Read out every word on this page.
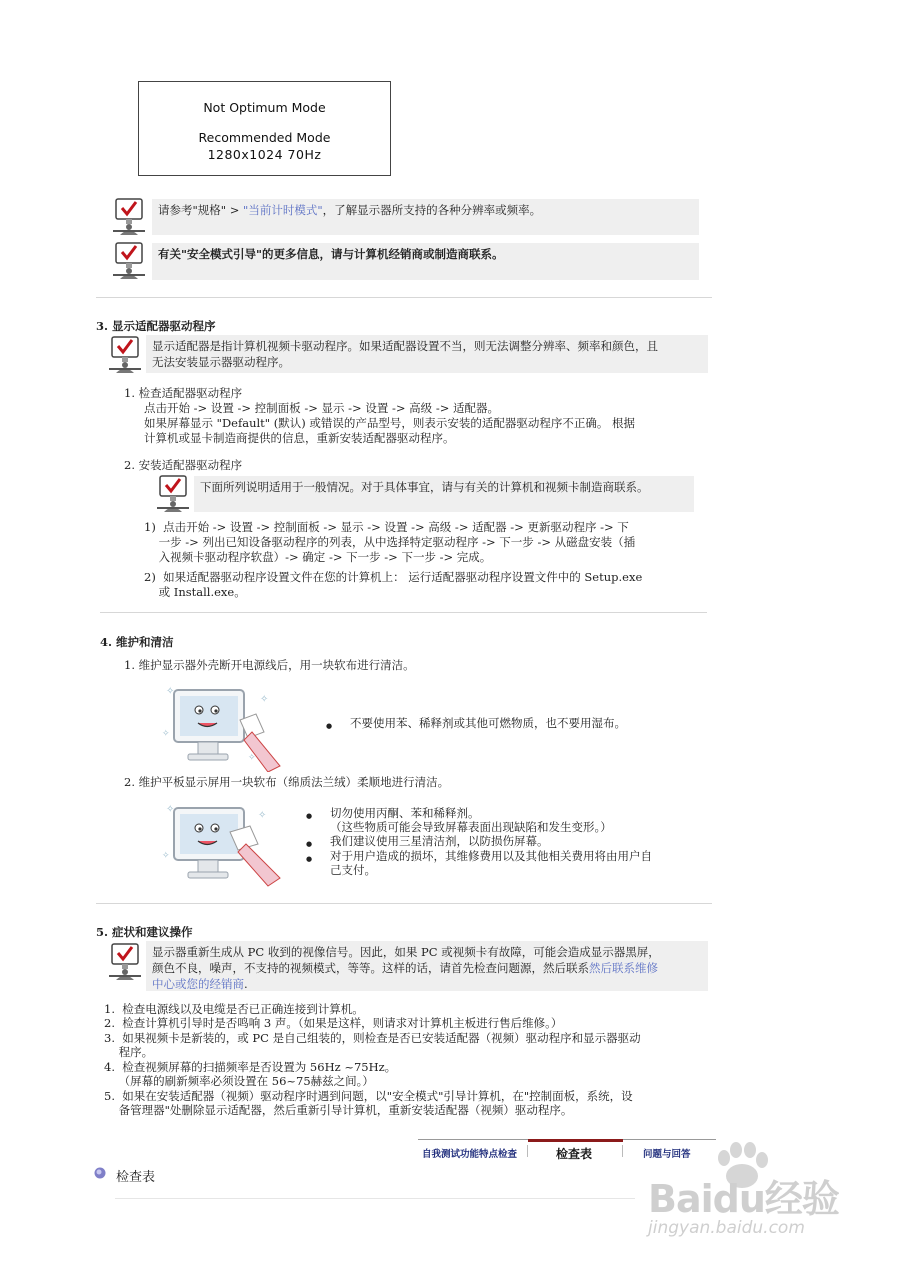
Not Optimum Mode
Recommended Mode
1280x1024 70Hz
请参考"规格" > "当前计时模式"，了解显示器所支持的各种分辨率或频率。
有关"安全模式引导"的更多信息，请与计算机经销商或制造商联系。
3. 显示适配器驱动程序
显示适配器是指计算机视频卡驱动程序。如果适配器设置不当，则无法调整分辨率、频率和颜色，且
无法安装显示器驱动程序。
1. 检查适配器驱动程序
点击开始 -> 设置 -> 控制面板 -> 显示 -> 设置 -> 高级 -> 适配器。
如果屏幕显示 "Default" (默认) 或错误的产品型号，则表示安装的适配器驱动程序不正确。 根据
计算机或显卡制造商提供的信息，重新安装适配器驱动程序。
2. 安装适配器驱动程序
下面所列说明适用于一般情况。对于具体事宜，请与有关的计算机和视频卡制造商联系。
1)  点击开始 -> 设置 -> 控制面板 -> 显示 -> 设置 -> 高级 -> 适配器 -> 更新驱动程序 -> 下
一步 -> 列出已知设备驱动程序的列表，从中选择特定驱动程序 -> 下一步 -> 从磁盘安装（插
入视频卡驱动程序软盘）-> 确定 -> 下一步 -> 下一步 -> 完成。
2)  如果适配器驱动程序设置文件在您的计算机上： 运行适配器驱动程序设置文件中的 Setup.exe
或 Install.exe。
4. 维护和清洁
1. 维护显示器外壳断开电源线后，用一块软布进行清洁。
✧
✧
✧
✧
不要使用苯、稀释剂或其他可燃物质，也不要用湿布。
2. 维护平板显示屏用一块软布（绵质法兰绒）柔顺地进行清洁。
✧
✧
✧
切勿使用丙酮、苯和稀释剂。
（这些物质可能会导致屏幕表面出现缺陷和发生变形。）
我们建议使用三星清洁剂，以防损伤屏幕。
对于用户造成的损坏，其维修费用以及其他相关费用将由用户自
己支付。
5. 症状和建议操作
显示器重新生成从 PC 收到的视像信号。因此，如果 PC 或视频卡有故障，可能会造成显示器黑屏，
颜色不良，噪声，不支持的视频模式，等等。这样的话，请首先检查问题源，然后联系然后联系维修
中心或您的经销商.
1.  检查电源线以及电缆是否已正确连接到计算机。
2.  检查计算机引导时是否鸣响 3 声。（如果是这样，则请求对计算机主板进行售后维修。）
3.  如果视频卡是新装的，或 PC 是自己组装的，则检查是否已安装适配器（视频）驱动程序和显示器驱动
程序。
4.  检查视频屏幕的扫描频率是否设置为 56Hz ~75Hz。
（屏幕的刷新频率必须设置在 56~75赫兹之间。）
5.  如果在安装适配器（视频）驱动程序时遇到问题，以"安全模式"引导计算机，在"控制面板，系统，设
备管理器"处删除显示适配器，然后重新引导计算机，重新安装适配器（视频）驱动程序。
自我测试功能特点检查	检查表	问题与回答
检查表	Baidu经验
jingyan.baidu.com
